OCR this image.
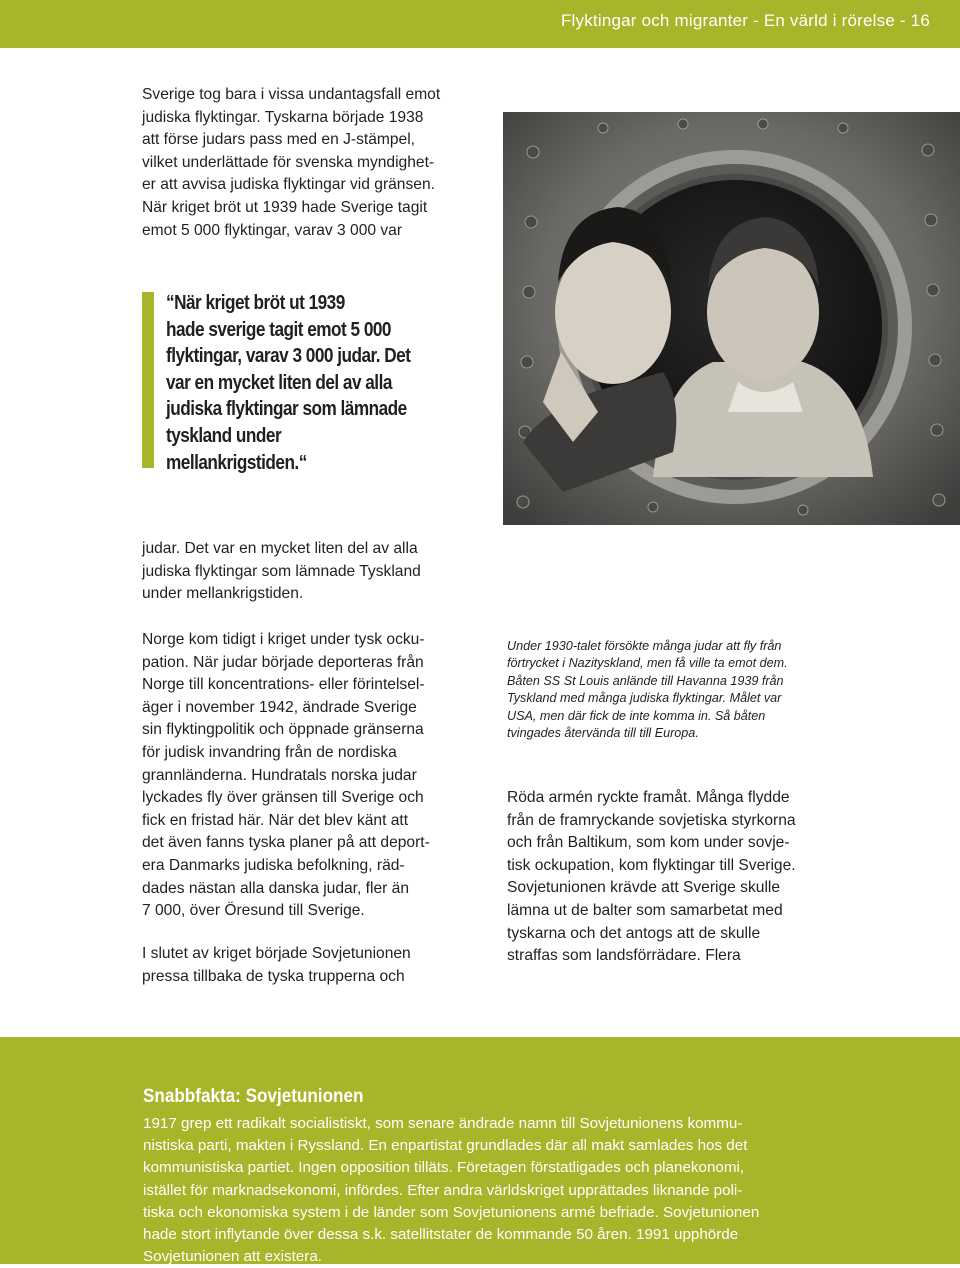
Flyktingar och migranter - En värld i rörelse - 16

Sverige tog bara i vissa undantagsfall emot
judiska flyktingar. Tyskarna började 1938
att förse judars pass med en J-stämpel,
vilket underlättade för svenska myndighet-
er att avvisa judiska flyktingar vid gränsen.
När kriget bröt ut 1939 hade Sverige tagit
emot 5 000 flyktingar, varav 3 000 var

“När kriget bröt ut 1939
hade sverige tagit emot 5 000
flyktingar, varav 3 000 judar. Det
var en mycket liten del av alla
judiska flyktingar som lämnade
tyskland under mellankrigstiden.“

judar. Det var en mycket liten del av alla
judiska flyktingar som lämnade Tyskland
under mellankrigstiden.

Under 1930-talet försökte många judar att fly från
förtrycket i Nazityskland, men få ville ta emot dem.
Båten SS St Louis anlände till Havanna 1939 från
Tyskland med många judiska flyktingar. Målet var
USA, men där fick de inte komma in. Så båten
tvingades återvända till till Europa.

Norge kom tidigt i kriget under tysk ocku-
pation. När judar började deporteras från
Norge till koncentrations- eller förintelsel-
äger i november 1942, ändrade Sverige
sin flyktingpolitik och öppnade gränserna
för judisk invandring från de nordiska
grannländerna. Hundratals norska judar
lyckades fly över gränsen till Sverige och
fick en fristad här. När det blev känt att
det även fanns tyska planer på att deport-
era Danmarks judiska befolkning, räd-
dades nästan alla danska judar, fler än
7 000, över Öresund till Sverige.

I slutet av kriget började Sovjetunionen
pressa tillbaka de tyska trupperna och

Röda armén ryckte framåt. Många flydde
från de framryckande sovjetiska styrkorna
och från Baltikum, som kom under sovje-
tisk ockupation, kom flyktingar till Sverige.
Sovjetunionen krävde att Sverige skulle
lämna ut de balter som samarbetat med
tyskarna och det antogs att de skulle
straffas som landsförrädare. Flera

Snabbfakta: Sovjetunionen

1917 grep ett radikalt socialistiskt, som senare ändrade namn till Sovjetunionens kommu-
nistiska parti, makten i Ryssland. En enpartistat grundlades där all makt samlades hos det
kommunistiska partiet. Ingen opposition tilläts. Företagen förstatligades och planekonomi,
istället för marknadsekonomi, infördes. Efter andra världskriget upprättades liknande poli-
tiska och ekonomiska system i de länder som Sovjetunionens armé befriade. Sovjetunionen
hade stort inflytande över dessa s.k. satellitstater de kommande 50 åren. 1991 upphörde
Sovjetunionen att existera.
